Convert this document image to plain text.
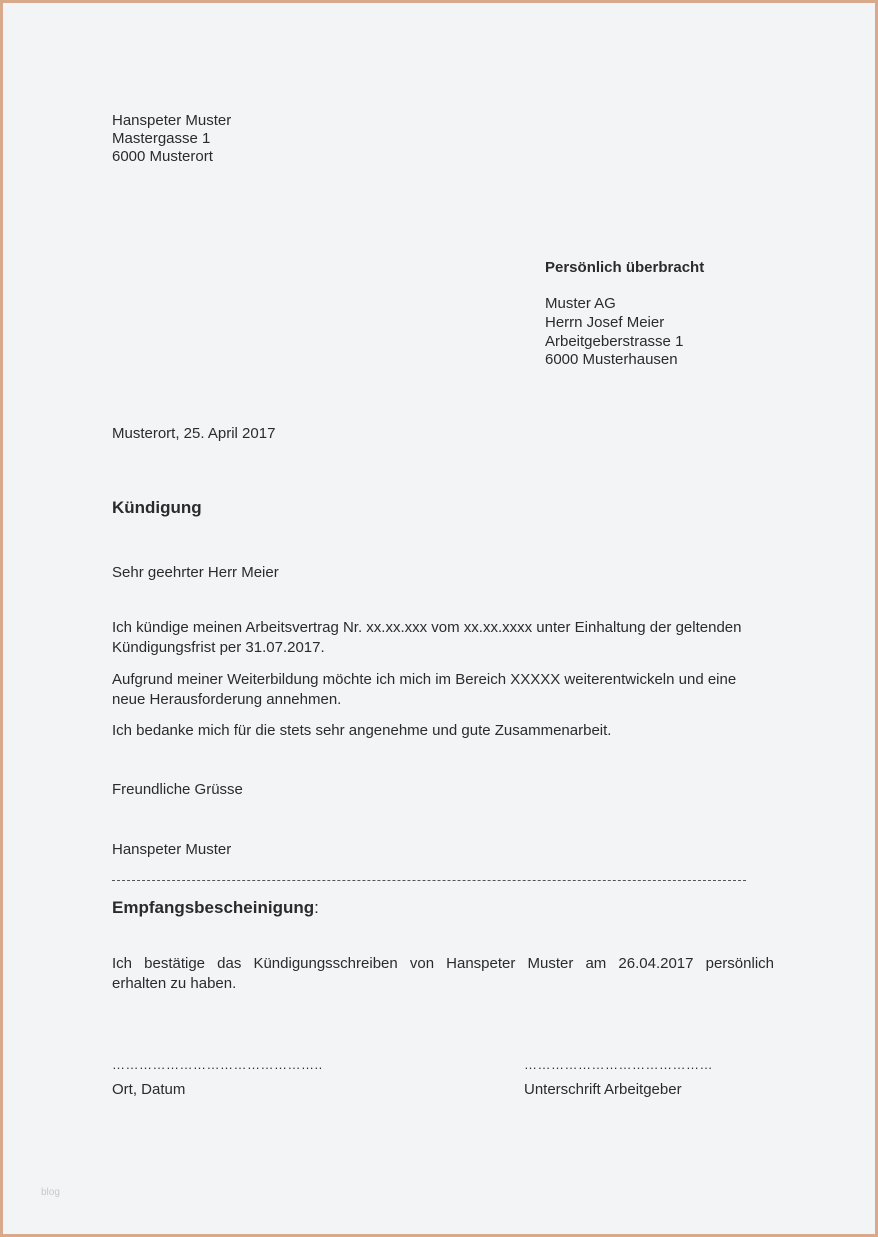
Hanspeter Muster
Mastergasse 1
6000 Musterort
Persönlich überbracht
Muster AG
Herrn Josef Meier
Arbeitgeberstrasse 1
6000 Musterhausen
Musterort, 25. April 2017
Kündigung
Sehr geehrter Herr Meier
Ich kündige meinen Arbeitsvertrag Nr. xx.xx.xxx vom xx.xx.xxxx unter Einhaltung der geltenden
Kündigungsfrist per 31.07.2017.
Aufgrund meiner Weiterbildung möchte ich mich im Bereich XXXXX weiterentwickeln und eine
neue Herausforderung annehmen.
Ich bedanke mich für die stets sehr angenehme und gute Zusammenarbeit.
Freundliche Grüsse
Hanspeter Muster
Empfangsbescheinigung:
Ich bestätige das Kündigungsschreiben von Hanspeter Muster am 26.04.2017 persönlich
erhalten zu haben.
………………………………………..	……………………………………
Ort, Datum	Unterschrift Arbeitgeber
blog
